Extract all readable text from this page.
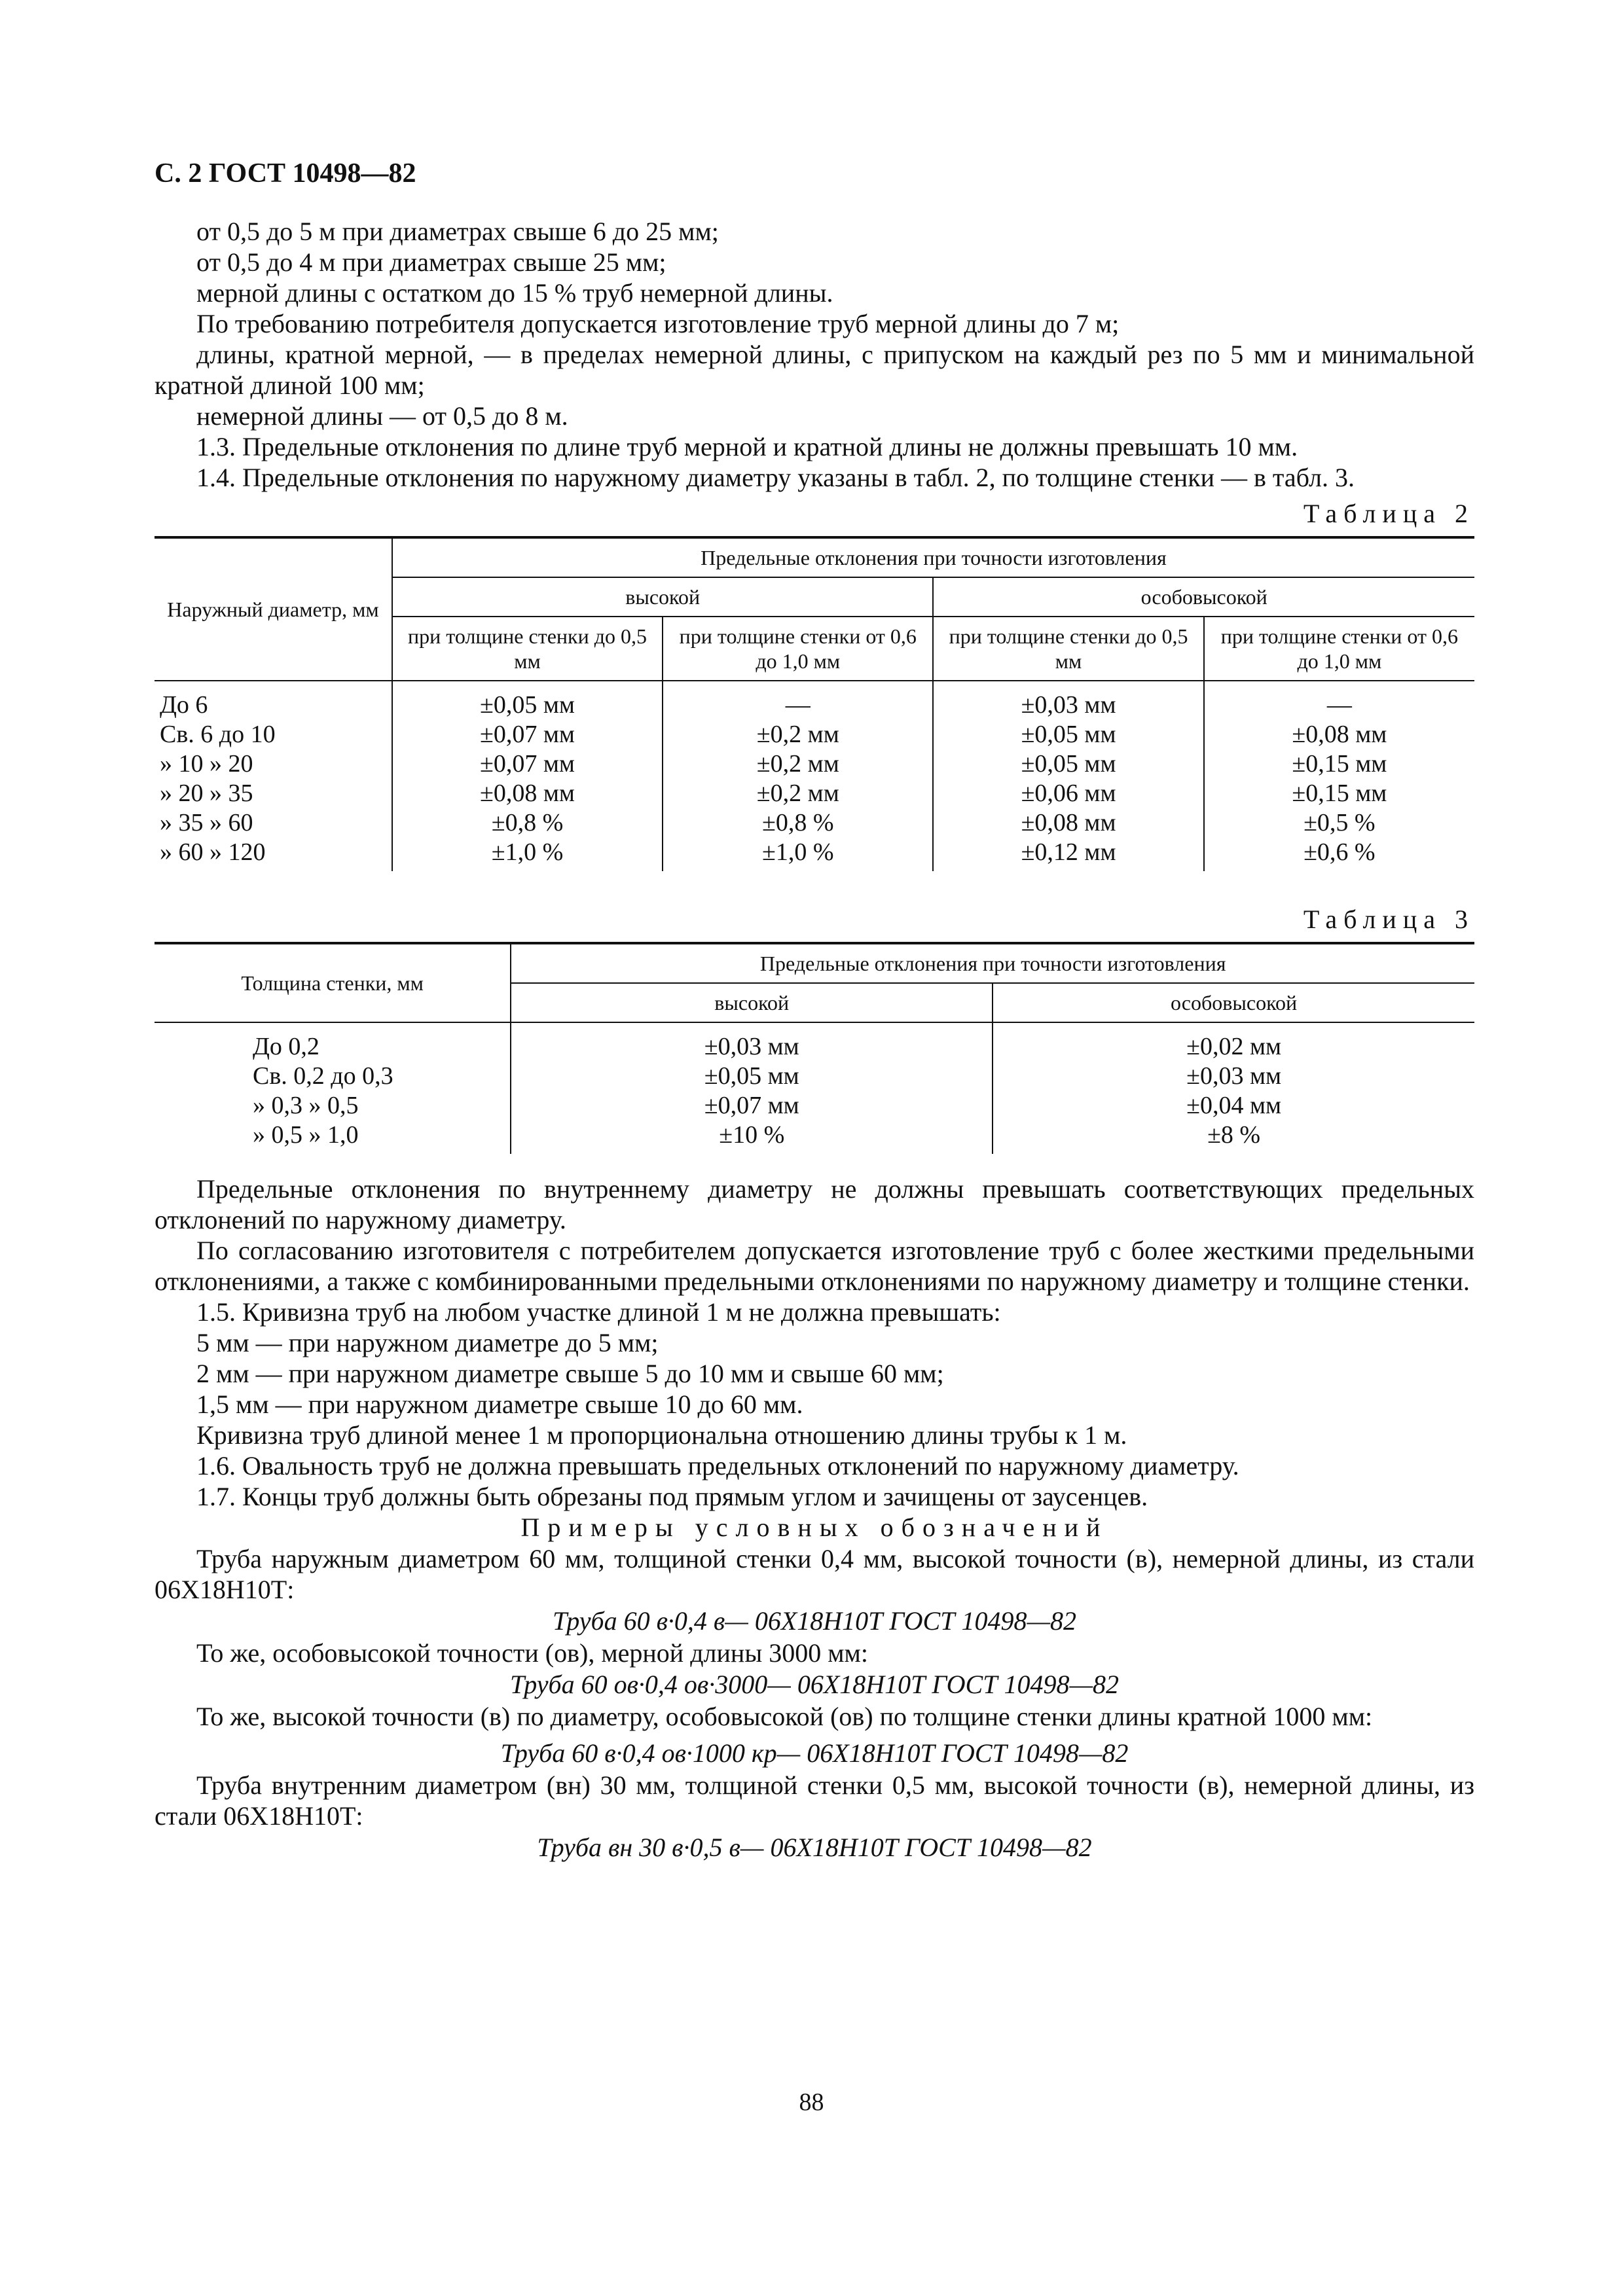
С. 2 ГОСТ 10498—82

от 0,5 до 5 м при диаметрах свыше 6 до 25 мм;

от 0,5 до 4 м при диаметрах свыше 25 мм;

мерной длины с остатком до 15 % труб немерной длины.

По требованию потребителя допускается изготовление труб мерной длины до 7 м;

длины, кратной мерной, — в пределах немерной длины, с припуском на каждый рез по 5 мм и минимальной кратной длиной 100 мм;

немерной длины — от 0,5 до 8 м.

1.3. Предельные отклонения по длине труб мерной и кратной длины не должны превышать 10 мм.

1.4. Предельные отклонения по наружному диаметру указаны в табл. 2, по толщине стенки — в табл. 3.

Таблица 2
Наружный диаметр, мм	Предельные отклонения при точности изготовления			
	высокой		особовысокой	
	при толщине стенки до 0,5 мм	при толщине стенки от 0,6 до 1,0 мм	при толщине стенки до 0,5 мм	при толщине стенки от 0,6 до 1,0 мм
До 6	±0,05 мм	—	±0,03 мм	—
Св. 6 до 10	±0,07 мм	±0,2 мм	±0,05 мм	±0,08 мм
» 10 » 20	±0,07 мм	±0,2 мм	±0,05 мм	±0,15 мм
» 20 » 35	±0,08 мм	±0,2 мм	±0,06 мм	±0,15 мм
» 35 » 60	±0,8 %	±0,8 %	±0,08 мм	±0,5 %
» 60 » 120	±1,0 %	±1,0 %	±0,12 мм	±0,6 %
Таблица 3
Толщина стенки, мм	Предельные отклонения при точности изготовления	
	высокой	особовысокой
До 0,2	±0,03 мм	±0,02 мм
Св. 0,2 до 0,3	±0,05 мм	±0,03 мм
» 0,3 » 0,5	±0,07 мм	±0,04 мм
» 0,5 » 1,0	±10 %	±8 %

Предельные отклонения по внутреннему диаметру не должны превышать соответствующих предельных отклонений по наружному диаметру.

По согласованию изготовителя с потребителем допускается изготовление труб с более жесткими предельными отклонениями, а также с комбинированными предельными отклонениями по наружному диаметру и толщине стенки.

1.5. Кривизна труб на любом участке длиной 1 м не должна превышать:

5 мм — при наружном диаметре до 5 мм;

2 мм — при наружном диаметре свыше 5 до 10 мм и свыше 60 мм;

1,5 мм — при наружном диаметре свыше 10 до 60 мм.

Кривизна труб длиной менее 1 м пропорциональна отношению длины трубы к 1 м.

1.6. Овальность труб не должна превышать предельных отклонений по наружному диаметру.

1.7. Концы труб должны быть обрезаны под прямым углом и зачищены от заусенцев.

Примеры условных обозначений

Труба наружным диаметром 60 мм, толщиной стенки 0,4 мм, высокой точности (в), немерной длины, из стали 06Х18Н10Т:

Труба 60 в·0,4 в— 06Х18Н10Т ГОСТ 10498—82

То же, особовысокой точности (ов), мерной длины 3000 мм:

Труба 60 ов·0,4 ов·3000— 06Х18Н10Т ГОСТ 10498—82

То же, высокой точности (в) по диаметру, особовысокой (ов) по толщине стенки длины кратной 1000 мм:

Труба 60 в·0,4 ов·1000 кр— 06Х18Н10Т ГОСТ 10498—82

Труба внутренним диаметром (вн) 30 мм, толщиной стенки 0,5 мм, высокой точности (в), немерной длины, из стали 06Х18Н10Т:

Труба вн 30 в·0,5 в— 06Х18Н10Т ГОСТ 10498—82

88
